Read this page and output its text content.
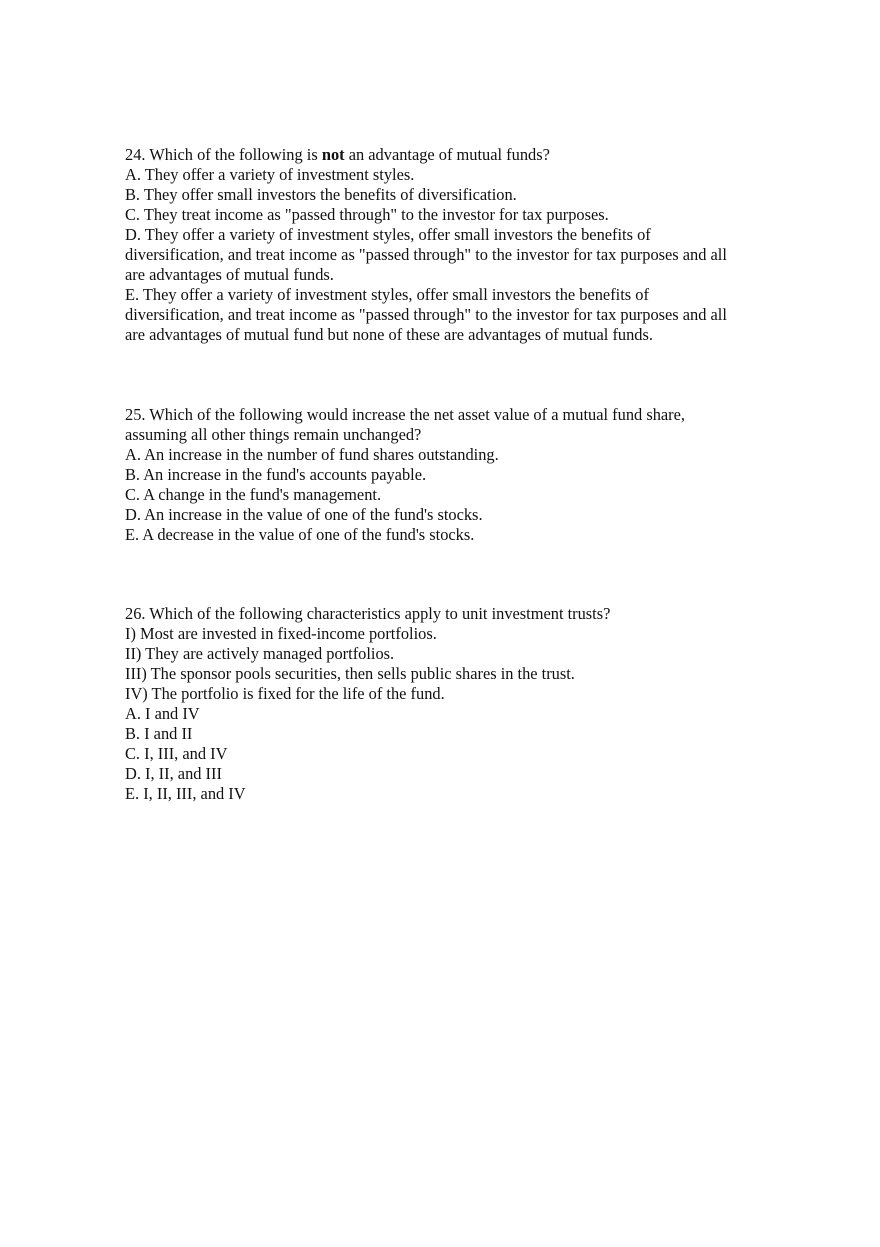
24. Which of the following is not an advantage of mutual funds?
A. They offer a variety of investment styles.
B. They offer small investors the benefits of diversification.
C. They treat income as "passed through" to the investor for tax purposes.
D. They offer a variety of investment styles, offer small investors the benefits of
diversification, and treat income as "passed through" to the investor for tax purposes and all
are advantages of mutual funds.
E. They offer a variety of investment styles, offer small investors the benefits of
diversification, and treat income as "passed through" to the investor for tax purposes and all
are advantages of mutual fund but none of these are advantages of mutual funds.
25. Which of the following would increase the net asset value of a mutual fund share,
assuming all other things remain unchanged?
A. An increase in the number of fund shares outstanding.
B. An increase in the fund's accounts payable.
C. A change in the fund's management.
D. An increase in the value of one of the fund's stocks.
E. A decrease in the value of one of the fund's stocks.
26. Which of the following characteristics apply to unit investment trusts?
I) Most are invested in fixed-income portfolios.
II) They are actively managed portfolios.
III) The sponsor pools securities, then sells public shares in the trust.
IV) The portfolio is fixed for the life of the fund.
A. I and IV
B. I and II
C. I, III, and IV
D. I, II, and III
E. I, II, III, and IV
